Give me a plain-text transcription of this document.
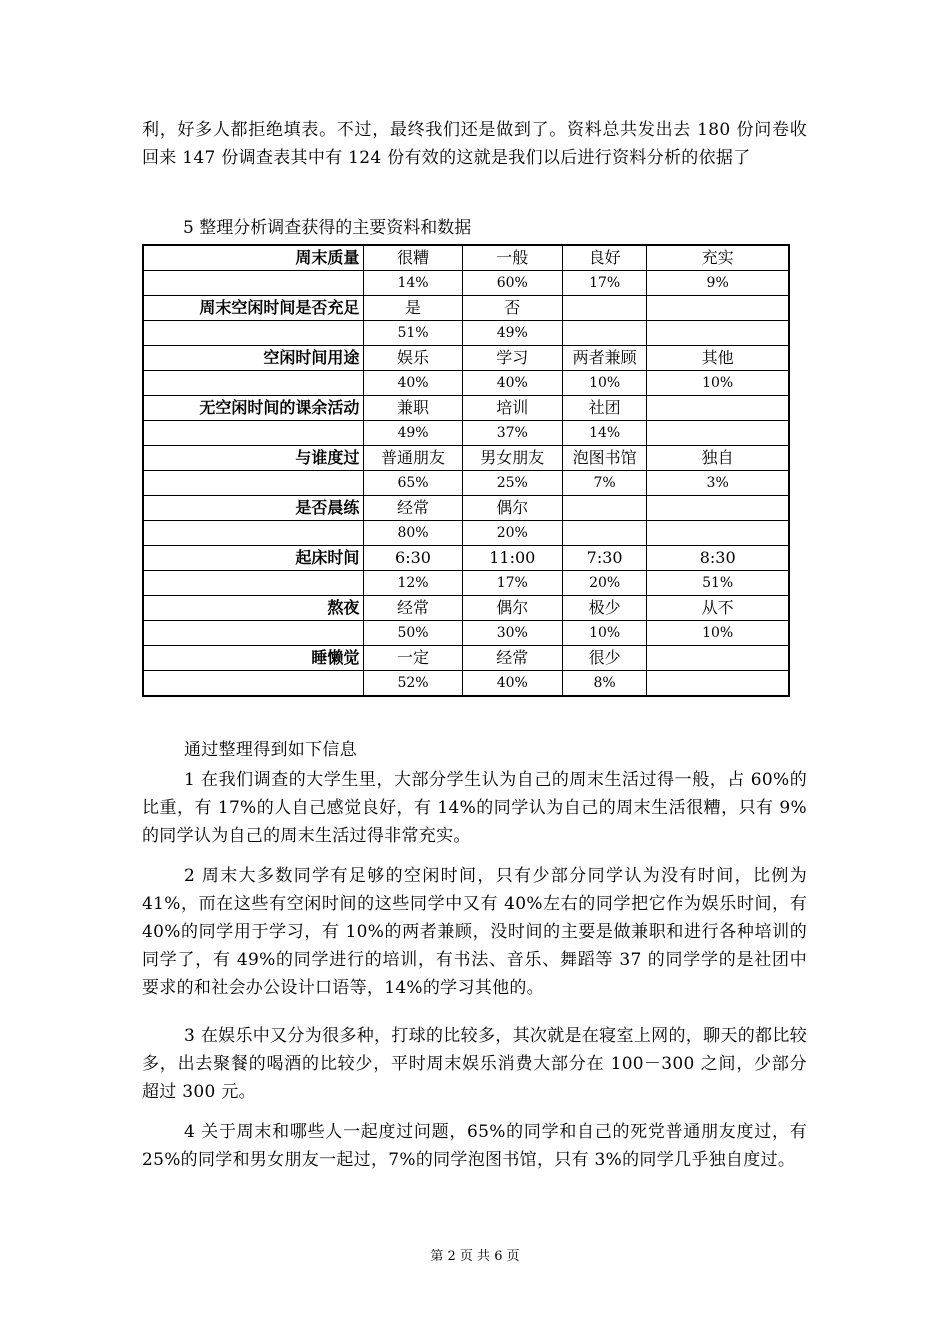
利，好多人都拒绝填表。不过，最终我们还是做到了。资料总共发出去 180 份问卷收回来 147 份调查表其中有 124 份有效的这就是我们以后进行资料分析的依据了

5 整理分析调查获得的主要资料和数据
周末质量	很糟	一般	良好	充实
	14%	60%	17%	9%
周末空闲时间是否充足	是	否		
	51%	49%		
空闲时间用途	娱乐	学习	两者兼顾	其他
	40%	40%	10%	10%
无空闲时间的课余活动	兼职	培训	社团	
	49%	37%	14%	
与谁度过	普通朋友	男女朋友	泡图书馆	独自
	65%	25%	7%	3%
是否晨练	经常	偶尔		
	80%	20%		
起床时间	6:30	11:00	7:30	8:30
	12%	17%	20%	51%
熬夜	经常	偶尔	极少	从不
	50%	30%	10%	10%
睡懒觉	一定	经常	很少	
	52%	40%	8%	

通过整理得到如下信息

1 在我们调查的大学生里，大部分学生认为自己的周末生活过得一般，占 60%的比重，有 17%的人自己感觉良好，有 14%的同学认为自己的周末生活很糟，只有 9%的同学认为自己的周末生活过得非常充实。

2 周末大多数同学有足够的空闲时间，只有少部分同学认为没有时间，比例为 41%，而在这些有空闲时间的这些同学中又有 40%左右的同学把它作为娱乐时间，有 40%的同学用于学习，有 10%的两者兼顾，没时间的主要是做兼职和进行各种培训的同学了，有 49%的同学进行的培训，有书法、音乐、舞蹈等 37 的同学学的是社团中要求的和社会办公设计口语等，14%的学习其他的。

3 在娱乐中又分为很多种，打球的比较多，其次就是在寝室上网的，聊天的都比较多，出去聚餐的喝酒的比较少，平时周末娱乐消费大部分在 100－300 之间，少部分超过 300 元。

4 关于周末和哪些人一起度过问题，65%的同学和自己的死党普通朋友度过，有 25%的同学和男女朋友一起过，7%的同学泡图书馆，只有 3%的同学几乎独自度过。

第 2 页 共 6 页
